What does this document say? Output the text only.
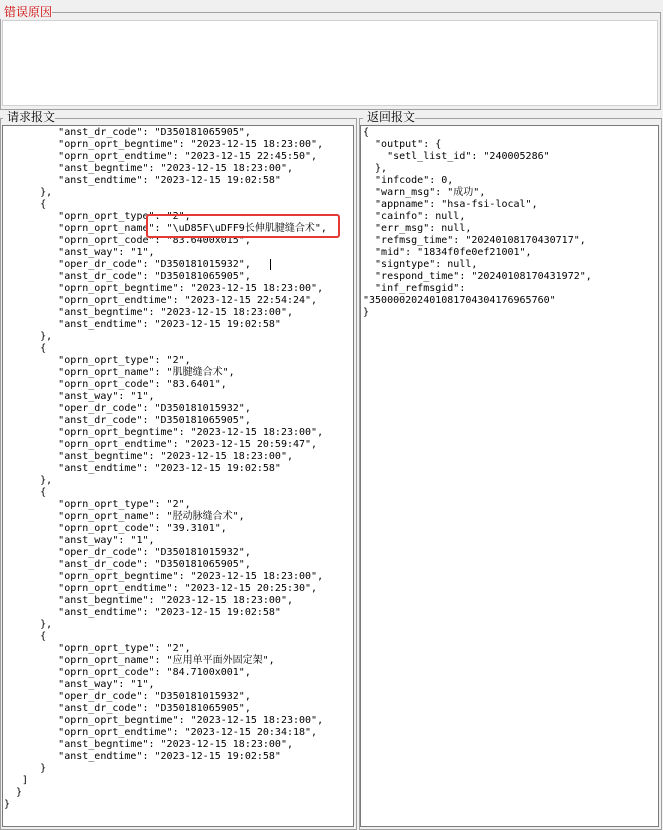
错误原因
请求报文
"anst_dr_code": "D350181065905",
"oprn_oprt_begntime": "2023-12-15 18:23:00",
"oprn_oprt_endtime": "2023-12-15 22:45:50",
"anst_begntime": "2023-12-15 18:23:00",
"anst_endtime": "2023-12-15 19:02:58"
},
{
"oprn_oprt_type": "2",
"oprn_oprt_name": "\uD85F\uDFF9长伸肌腱缝合术",
"oprn_oprt_code": "83.6400x015",
"anst_way": "1",
"oper_dr_code": "D350181015932",
"anst_dr_code": "D350181065905",
"oprn_oprt_begntime": "2023-12-15 18:23:00",
"oprn_oprt_endtime": "2023-12-15 22:54:24",
"anst_begntime": "2023-12-15 18:23:00",
"anst_endtime": "2023-12-15 19:02:58"
},
{
"oprn_oprt_type": "2",
"oprn_oprt_name": "肌腱缝合术",
"oprn_oprt_code": "83.6401",
"anst_way": "1",
"oper_dr_code": "D350181015932",
"anst_dr_code": "D350181065905",
"oprn_oprt_begntime": "2023-12-15 18:23:00",
"oprn_oprt_endtime": "2023-12-15 20:59:47",
"anst_begntime": "2023-12-15 18:23:00",
"anst_endtime": "2023-12-15 19:02:58"
},
{
"oprn_oprt_type": "2",
"oprn_oprt_name": "胫动脉缝合术",
"oprn_oprt_code": "39.3101",
"anst_way": "1",
"oper_dr_code": "D350181015932",
"anst_dr_code": "D350181065905",
"oprn_oprt_begntime": "2023-12-15 18:23:00",
"oprn_oprt_endtime": "2023-12-15 20:25:30",
"anst_begntime": "2023-12-15 18:23:00",
"anst_endtime": "2023-12-15 19:02:58"
},
{
"oprn_oprt_type": "2",
"oprn_oprt_name": "应用单平面外固定架",
"oprn_oprt_code": "84.7100x001",
"anst_way": "1",
"oper_dr_code": "D350181015932",
"anst_dr_code": "D350181065905",
"oprn_oprt_begntime": "2023-12-15 18:23:00",
"oprn_oprt_endtime": "2023-12-15 20:34:18",
"anst_begntime": "2023-12-15 18:23:00",
"anst_endtime": "2023-12-15 19:02:58"
}
]
}
}
返回报文
{
"output": {
"setl_list_id": "240005286"
},
"infcode": 0,
"warn_msg": "成功",
"appname": "hsa-fsi-local",
"cainfo": null,
"err_msg": null,
"refmsg_time": "20240108170430717",
"mid": "1834f0fe0ef21001",
"signtype": null,
"respond_time": "20240108170431972",
"inf_refmsgid":
"350000202401081704304176965760"
}
